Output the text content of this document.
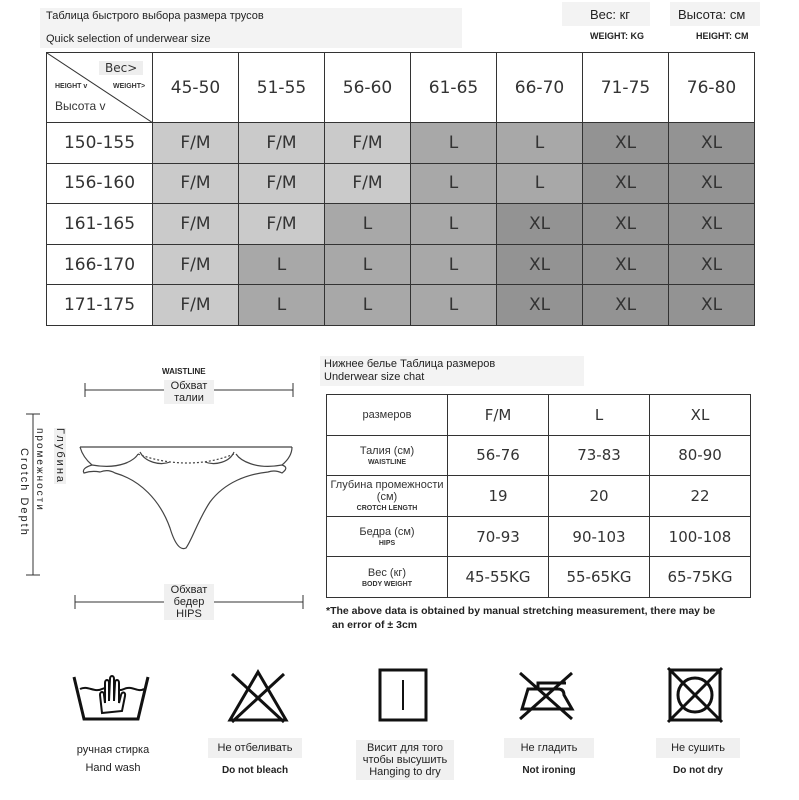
Таблица быстрого выбора размера трусов
Quick selection of underwear size
Вес: кг
WEIGHT: KG
Высота: см
HEIGHT: CM
Вес>
WEIGHT>
HEIGHT v
Высота v	45-50	51-55	56-60	61-65	66-70	71-75	76-80
150-155	F/M	F/M	F/M	L	L	XL	XL
156-160	F/M	F/M	F/M	L	L	XL	XL
161-165	F/M	F/M	L	L	XL	XL	XL
166-170	F/M	L	L	L	XL	XL	XL
171-175	F/M	L	L	L	XL	XL	XL
WAISTLINE
Обхват
талии
промежности
Crotch Depth Глубина
Обхват
бедер
HIPS
Нижнее белье Таблица размеров
Underwear size chat
размеров	F/M	L	XL

Талия (см)
WAISTLINE	56-76	73-83	80-90

Глубина промежности (см)
CROTCH LENGTH	19	20	22

Бедра (см)
HIPS	70-93	90-103	100-108

Вес (кг)
BODY WEIGHT	45-55KG	55-65KG	65-75KG
*The above data is obtained by manual stretching measurement, there may be
an error of ± 3cm
ручная стирка
Hand wash
Не отбеливать
Do not bleach
Висит для того
чтобы высушить
Hanging to dry
Не гладить
Not ironing
Не сушить
Do not dry
